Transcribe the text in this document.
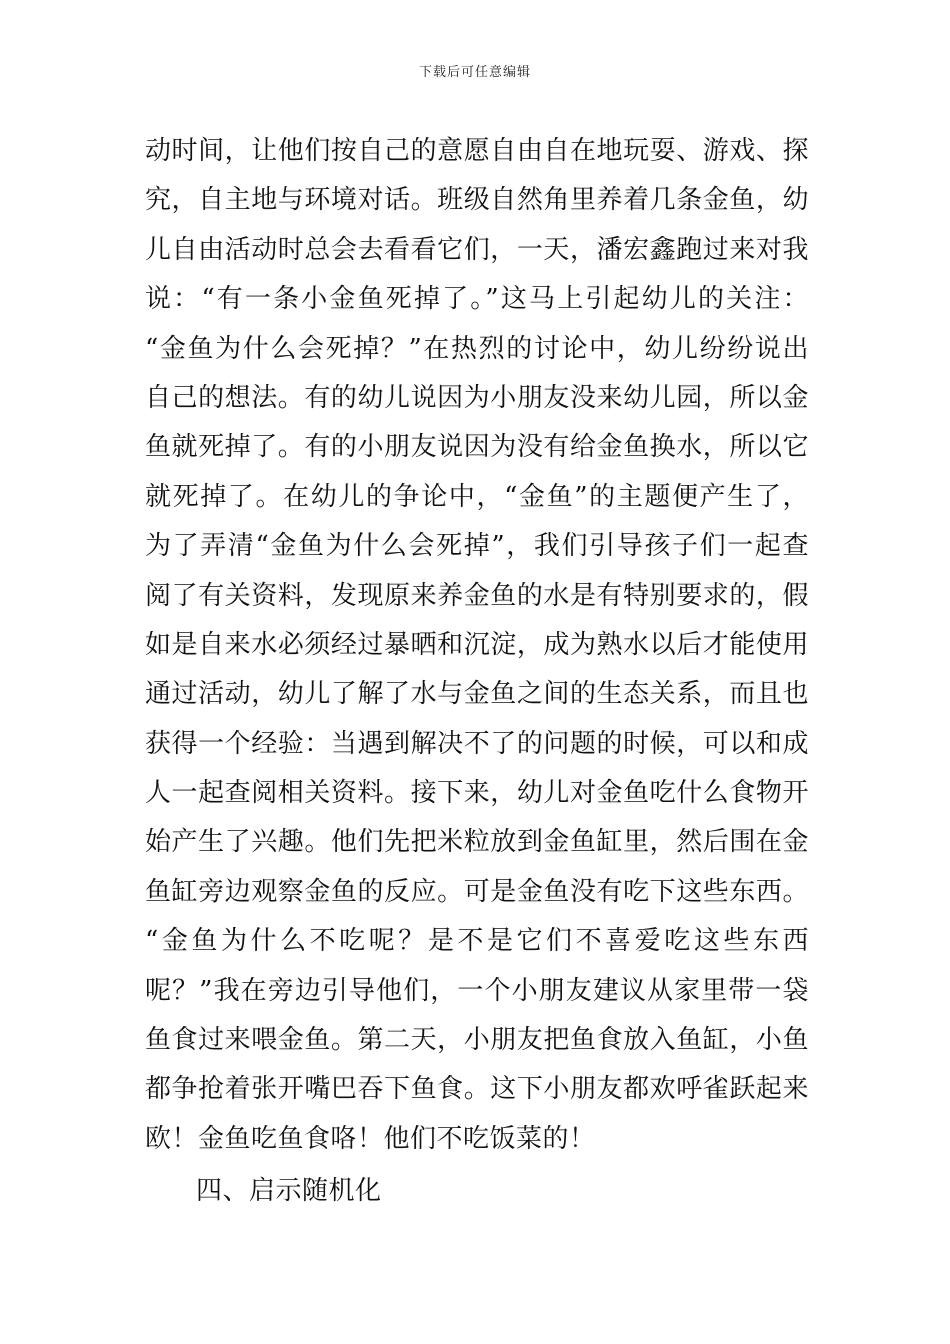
下载后可任意编辑
动时间，让他们按自己的意愿自由自在地玩耍、游戏、探
究，自主地与环境对话。班级自然角里养着几条金鱼，幼
儿自由活动时总会去看看它们，一天，潘宏鑫跑过来对我
说：“有一条小金鱼死掉了。”这马上引起幼儿的关注：
“金鱼为什么会死掉？”在热烈的讨论中，幼儿纷纷说出
自己的想法。有的幼儿说因为小朋友没来幼儿园，所以金
鱼就死掉了。有的小朋友说因为没有给金鱼换水，所以它
就死掉了。在幼儿的争论中，“金鱼”的主题便产生了，
为了弄清“金鱼为什么会死掉”，我们引导孩子们一起查
阅了有关资料，发现原来养金鱼的水是有特别要求的，假
如是自来水必须经过暴晒和沉淀，成为熟水以后才能使用
通过活动，幼儿了解了水与金鱼之间的生态关系，而且也
获得一个经验：当遇到解决不了的问题的时候，可以和成
人一起查阅相关资料。接下来，幼儿对金鱼吃什么食物开
始产生了兴趣。他们先把米粒放到金鱼缸里，然后围在金
鱼缸旁边观察金鱼的反应。可是金鱼没有吃下这些东西。
“金鱼为什么不吃呢？是不是它们不喜爱吃这些东西
呢？”我在旁边引导他们，一个小朋友建议从家里带一袋
鱼食过来喂金鱼。第二天，小朋友把鱼食放入鱼缸，小鱼
都争抢着张开嘴巴吞下鱼食。这下小朋友都欢呼雀跃起来
欧！金鱼吃鱼食咯！他们不吃饭菜的！
四、启示随机化
